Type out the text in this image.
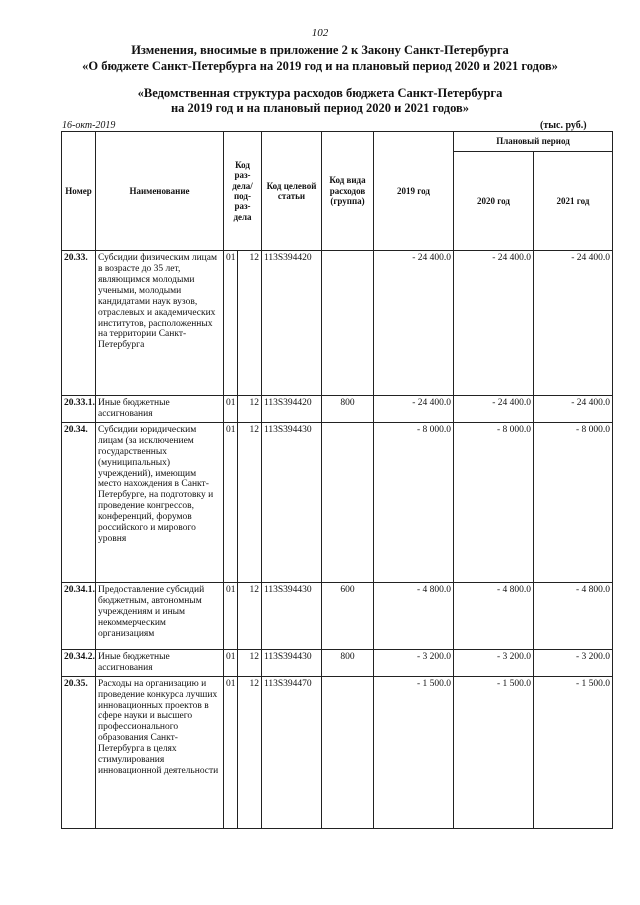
102
Изменения, вносимые в приложение 2 к Закону Санкт-Петербурга
«О бюджете Санкт-Петербурга на 2019 год и на плановый период 2020 и 2021 годов»
«Ведомственная структура расходов бюджета Санкт-Петербурга
на 2019 год и на плановый период 2020 и 2021 годов»
16-окт-2019	(тыс. руб.)
Номер	Наименование	Код раз-дела/ под-раз-дела		Код целевой статьи	Код вида расходов (группа)	2019 год	Плановый период	
							2020 год	2021 год
20.33.	Субсидии физическим лицам в возрасте до 35 лет, являющимся молодыми учеными, молодыми кандидатами наук вузов, отраслевых и академических институтов, расположенных на территории Санкт-Петербурга	01	12	113S394420		- 24 400.0	- 24 400.0	- 24 400.0
20.33.1.	Иные бюджетные ассигнования	01	12	113S394420	800	- 24 400.0	- 24 400.0	- 24 400.0
20.34.	Субсидии юридическим лицам (за исключением государственных (муниципальных) учреждений), имеющим место нахождения в Санкт-Петербурге, на подготовку и проведение конгрессов, конференций, форумов российского и мирового уровня	01	12	113S394430		- 8 000.0	- 8 000.0	- 8 000.0
20.34.1.	Предоставление субсидий бюджетным, автономным учреждениям и иным некоммерческим организациям	01	12	113S394430	600	- 4 800.0	- 4 800.0	- 4 800.0
20.34.2.	Иные бюджетные ассигнования	01	12	113S394430	800	- 3 200.0	- 3 200.0	- 3 200.0
20.35.	Расходы на организацию и проведение конкурса лучших инновационных проектов в сфере науки и высшего профессионального образования Санкт-Петербурга в целях стимулирования инновационной деятельности	01	12	113S394470		- 1 500.0	- 1 500.0	- 1 500.0
